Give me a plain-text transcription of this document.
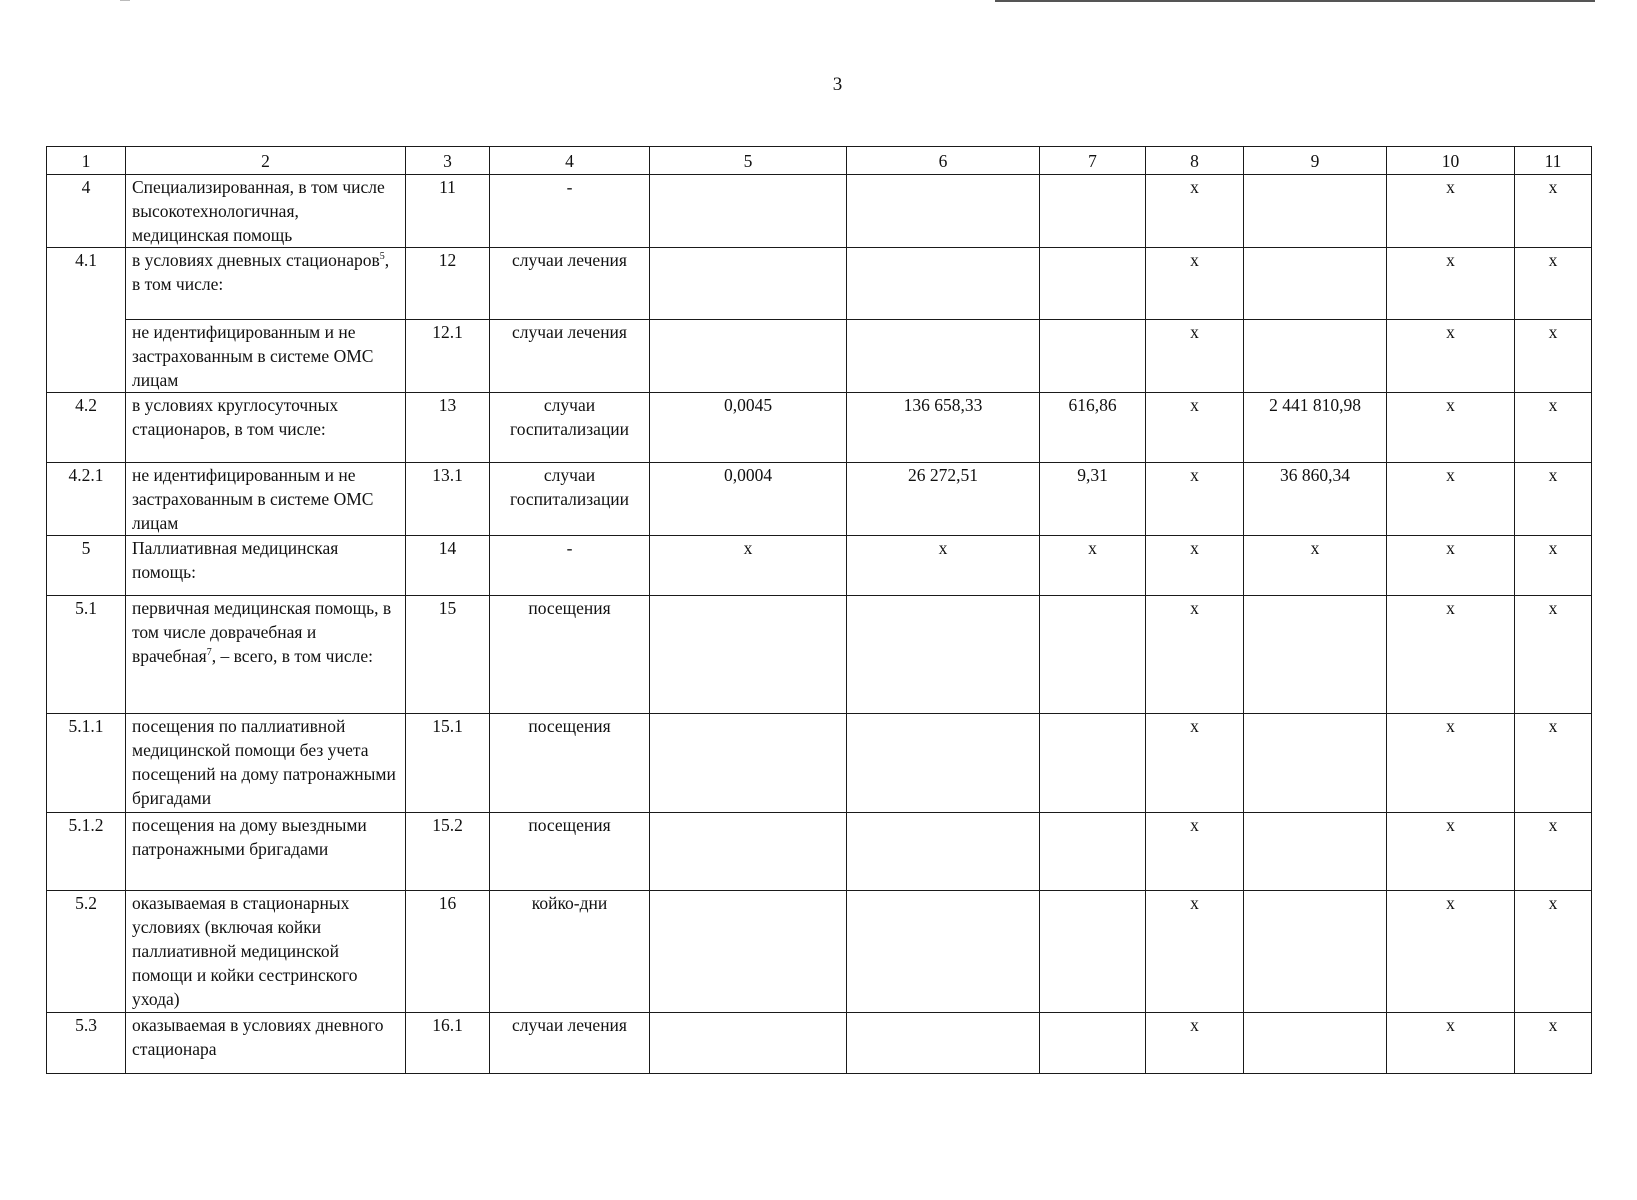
3
1	2	3	4	5	6	7	8	9	10	11
4	Специализированная, в том числе высокотехнологичная, медицинская помощь	11	-				х		х	х
4.1	в условиях дневных стационаров$^5$, в том числе:	12	случаи лечения				х		х	х
	не идентифицированным и не застрахованным в системе ОМС лицам	12.1	случаи лечения				х		х	х
4.2	в условиях круглосуточных стационаров, в том числе:	13	случаи госпитализации	0,0045	136 658,33	616,86	х	2 441 810,98	х	х
4.2.1	не идентифицированным и не застрахованным в системе ОМС лицам	13.1	случаи госпитализации	0,0004	26 272,51	9,31	х	36 860,34	х	х
5	Паллиативная медицинская помощь:	14	-	х	х	х	х	х	х	х
5.1	первичная медицинская помощь, в том числе доврачебная и врачебная$^7$, – всего, в том числе:	15	посещения				х		х	х
5.1.1	посещения по паллиативной медицинской помощи без учета посещений на дому патронажными бригадами	15.1	посещения				х		х	х
5.1.2	посещения на дому выездными патронажными бригадами	15.2	посещения				х		х	х
5.2	оказываемая в стационарных условиях (включая койки паллиативной медицинской помощи и койки сестринского ухода)	16	койко-дни				х		х	х
5.3	оказываемая в условиях дневного стационара	16.1	случаи лечения				х		х	х
